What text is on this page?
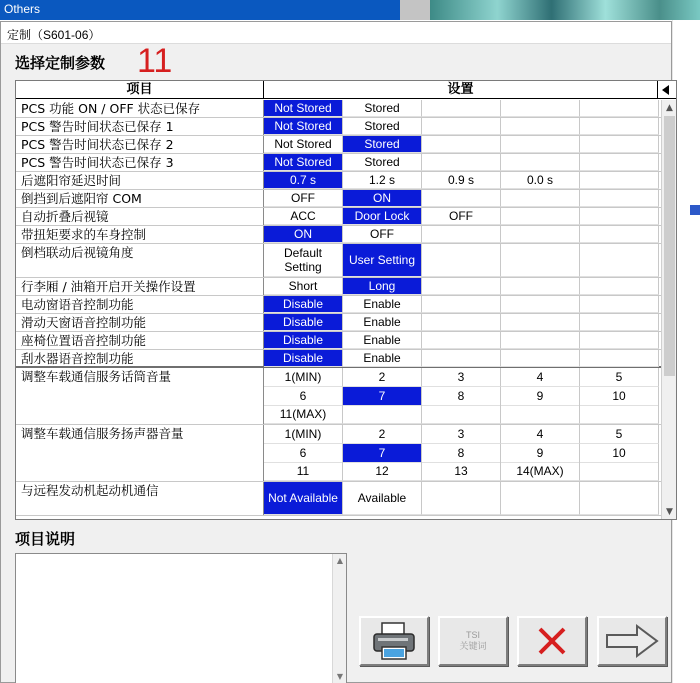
Others
定制（S601-06）
选择定制参数 11
项目	设置
PCS 功能 ON / OFF 状态已保存	Not Stored	Stored
PCS 警告时间状态已保存 1	Not Stored	Stored
PCS 警告时间状态已保存 2	Not Stored	Stored
PCS 警告时间状态已保存 3	Not Stored	Stored
后遮阳帘延迟时间	0.7 s	1.2 s	0.9 s	0.0 s
倒挡到后遮阳帘 COM	OFF	ON
自动折叠后视镜	ACC	Door Lock	OFF
带扭矩要求的车身控制	ON	OFF
倒档联动后视镜角度	Default Setting	User Setting
行李厢 / 油箱开启开关操作设置	Short	Long
电动窗语音控制功能	Disable	Enable
滑动天窗语音控制功能	Disable	Enable
座椅位置语音控制功能	Disable	Enable
刮水器语音控制功能	Disable	Enable
调整车载通信服务话筒音量	1(MIN)	2	3	4	5
6	7	8	9	10
11(MAX)
调整车载通信服务扬声器音量	1(MIN)	2	3	4	5
6	7	8	9	10
11	12	13	14(MAX)
与远程发动机起动机通信	Not Available	Available
▲
▼
项目说明
▲
▼
TSI
关键词
